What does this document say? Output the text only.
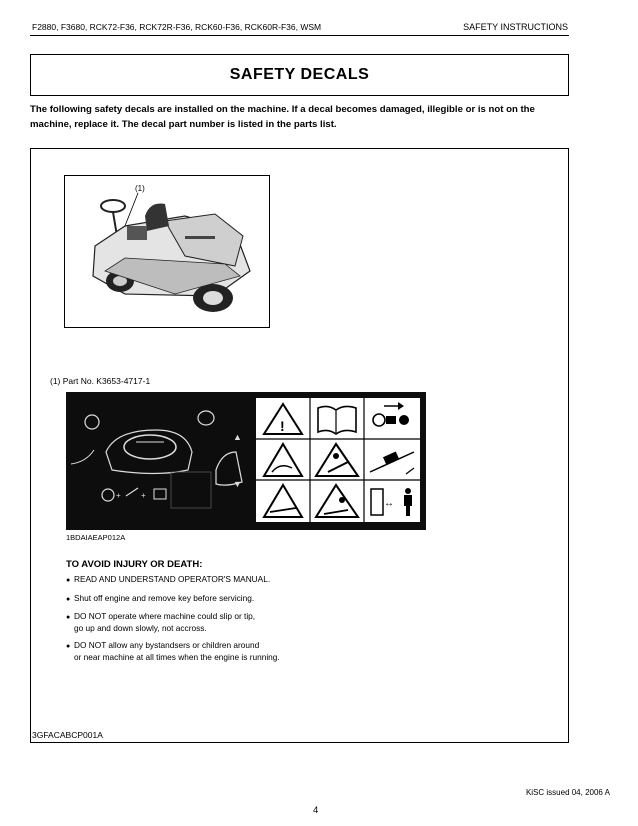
F2880, F3680, RCK72-F36, RCK72R-F36, RCK60-F36, RCK60R-F36, WSM	SAFETY INSTRUCTIONS
SAFETY DECALS
The following safety decals are installed on the machine. If a decal becomes damaged, illegible or is not on the machine, replace it. The decal part number is listed in the parts list.
(1)
(1) Part No. K3653-4717-1
▲
▼
+	+
!
↔
1BDAIAEAP012A
TO AVOID INJURY OR DEATH:
● READ AND UNDERSTAND OPERATOR'S MANUAL.
● Shut off engine and remove key before servicing.
● DO NOT operate where machine could slip or tip,
go up and down slowly, not accross.
● DO NOT allow any bystandsers or children around
or near machine at all times when the engine is running.
3GFACABCP001A
KiSC issued 04, 2006 A
4
